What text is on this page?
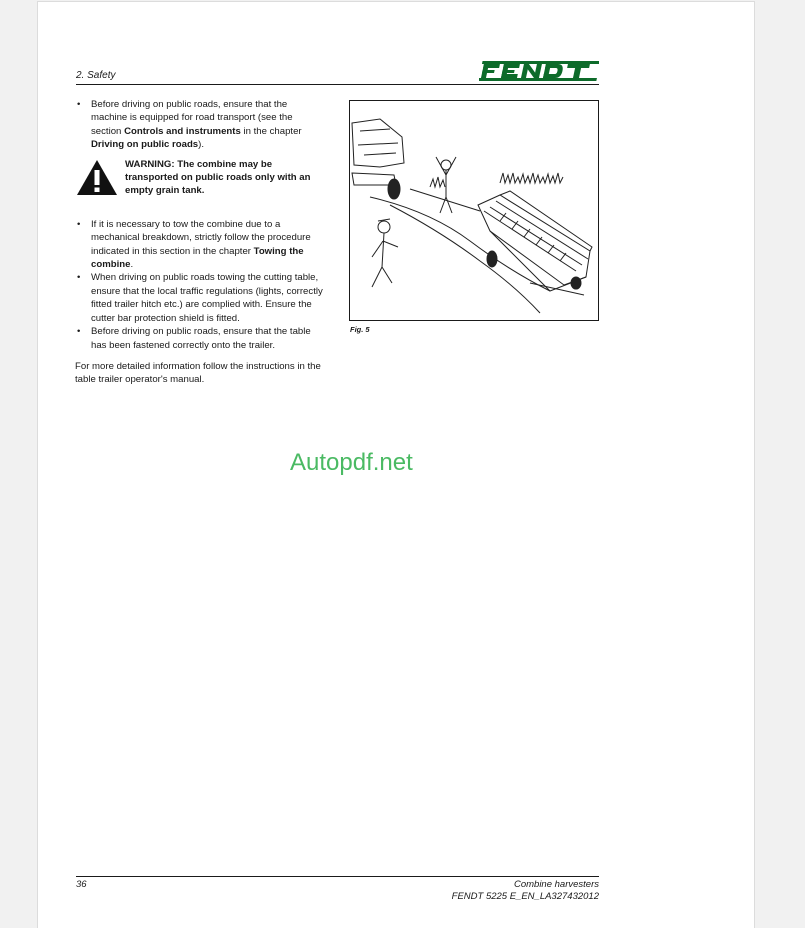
2. Safety
• Before driving on public roads, ensure that the machine is equipped for road transport (see the section Controls and instruments in the chapter Driving on public roads).
WARNING: The combine may be transported on public roads only with an empty grain tank.
• If it is necessary to tow the combine due to a mechanical breakdown, strictly follow the procedure indicated in this section in the chapter Towing the combine.
• When driving on public roads towing the cutting table, ensure that the local traffic regulations (lights, correctly fitted trailer hitch etc.) are complied with. Ensure the cutter bar protection shield is fitted.
• Before driving on public roads, ensure that the table has been fastened correctly onto the trailer.
For more detailed information follow the instructions in the table trailer operator's manual.
Fig. 5
Autopdf.net
36	Combine harvesters
FENDT 5225 E_EN_LA327432012
